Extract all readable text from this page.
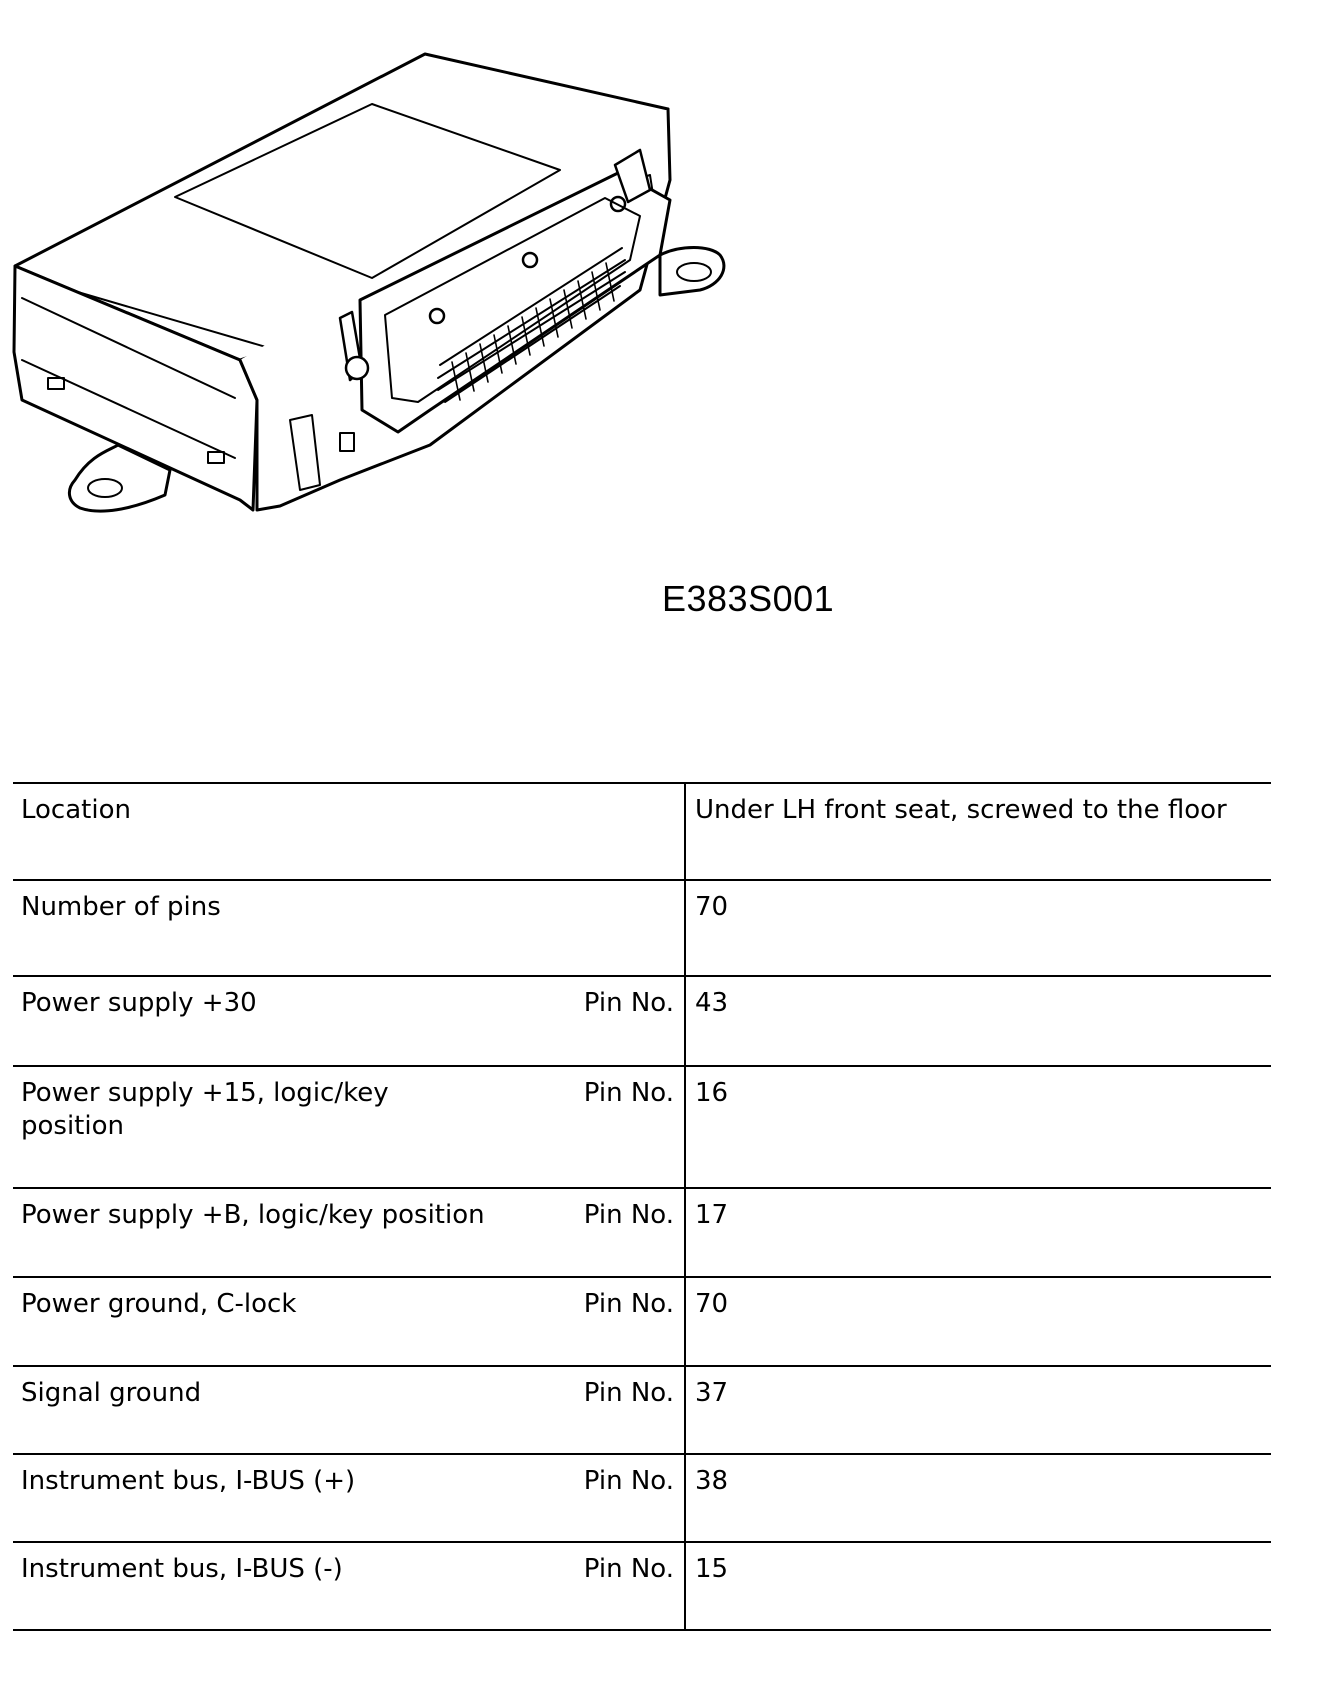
E383S001
Location	Under LH front seat, screwed to the floor

Number of pins	70

Power supply +30 Pin No.	43

Power supply +15, logic/key position
Pin No.	16

Power supply +B, logic/key position Pin No.	17

Power ground, C-lock Pin No.	70

Signal ground Pin No.	37

Instrument bus, I-BUS (+) Pin No.	38

Instrument bus, I-BUS (-) Pin No.	15
